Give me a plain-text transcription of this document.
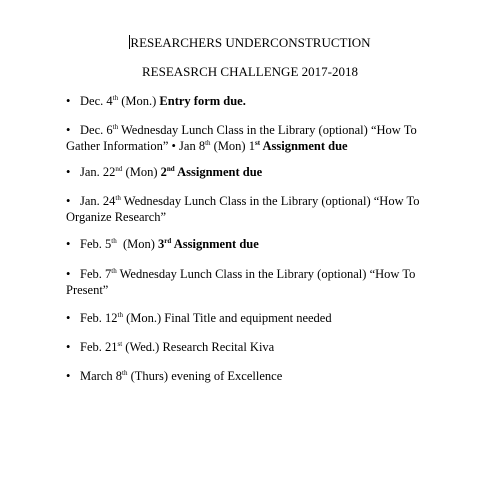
RESEARCHERS UNDERCONSTRUCTION
RESEASRCH CHALLENGE 2017-2018
• Dec. 4th (Mon.) Entry form due.
• Dec. 6th Wednesday Lunch Class in the Library (optional) “How To Gather Information” • Jan 8th (Mon) 1st Assignment due
• Jan. 22nd (Mon) 2nd Assignment due
• Jan. 24th Wednesday Lunch Class in the Library (optional) “How To Organize Research”
• Feb. 5th  (Mon) 3rd Assignment due
• Feb. 7th Wednesday Lunch Class in the Library (optional) “How To Present”
• Feb. 12th (Mon.) Final Title and equipment needed
• Feb. 21st (Wed.) Research Recital Kiva
• March 8th (Thurs) evening of Excellence
